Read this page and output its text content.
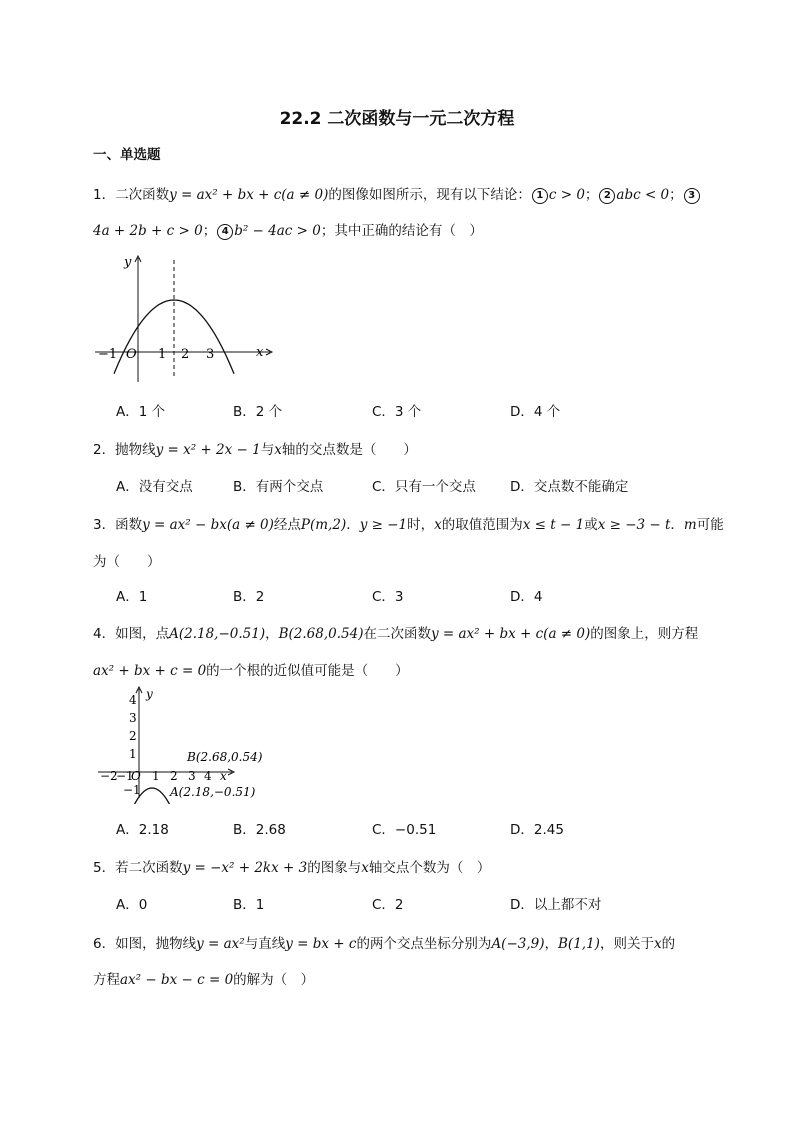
22.2 二次函数与一元二次方程
一、单选题
1．二次函数y = ax² + bx + c(a ≠ 0)的图像如图所示，现有以下结论： 1 c > 0； 2 abc < 0； 3
4a + 2b + c > 0； 4 b² − 4ac > 0；其中正确的结论有（　）
y
x
O
−1	1 2 3
A．1 个	B．2 个	C．3 个	D．4 个
2．抛物线y = x² + 2x − 1与x轴的交点数是（　　）
A．没有交点	B．有两个交点	C．只有一个交点	D．交点数不能确定
3．函数y = ax² − bx(a ≠ 0)经点P(m,2)．y ≥ −1时，x的取值范围为x ≤ t − 1或x ≥ −3 − t．m可能
为（　　）
A．1	B．2	C．3	D．4
4．如图，点A(2.18,−0.51)，B(2.68,0.54)在二次函数y = ax² + bx + c(a ≠ 0)的图象上，则方程
ax² + bx + c = 0的一个根的近似值可能是（　　）
y
x
O
4
3
2
1
−1
−2
−1 1 2 3 4
B(2.68,0.54)
A(2.18,−0.51)
A．2.18	B．2.68	C．−0.51	D．2.45
5．若二次函数y = −x² + 2kx + 3的图象与x轴交点个数为（　）
A．0	B．1	C．2	D．以上都不对
6．如图，抛物线y = ax²与直线y = bx + c的两个交点坐标分别为A(−3,9)，B(1,1)，则关于x的
方程ax² − bx − c = 0的解为（　）
